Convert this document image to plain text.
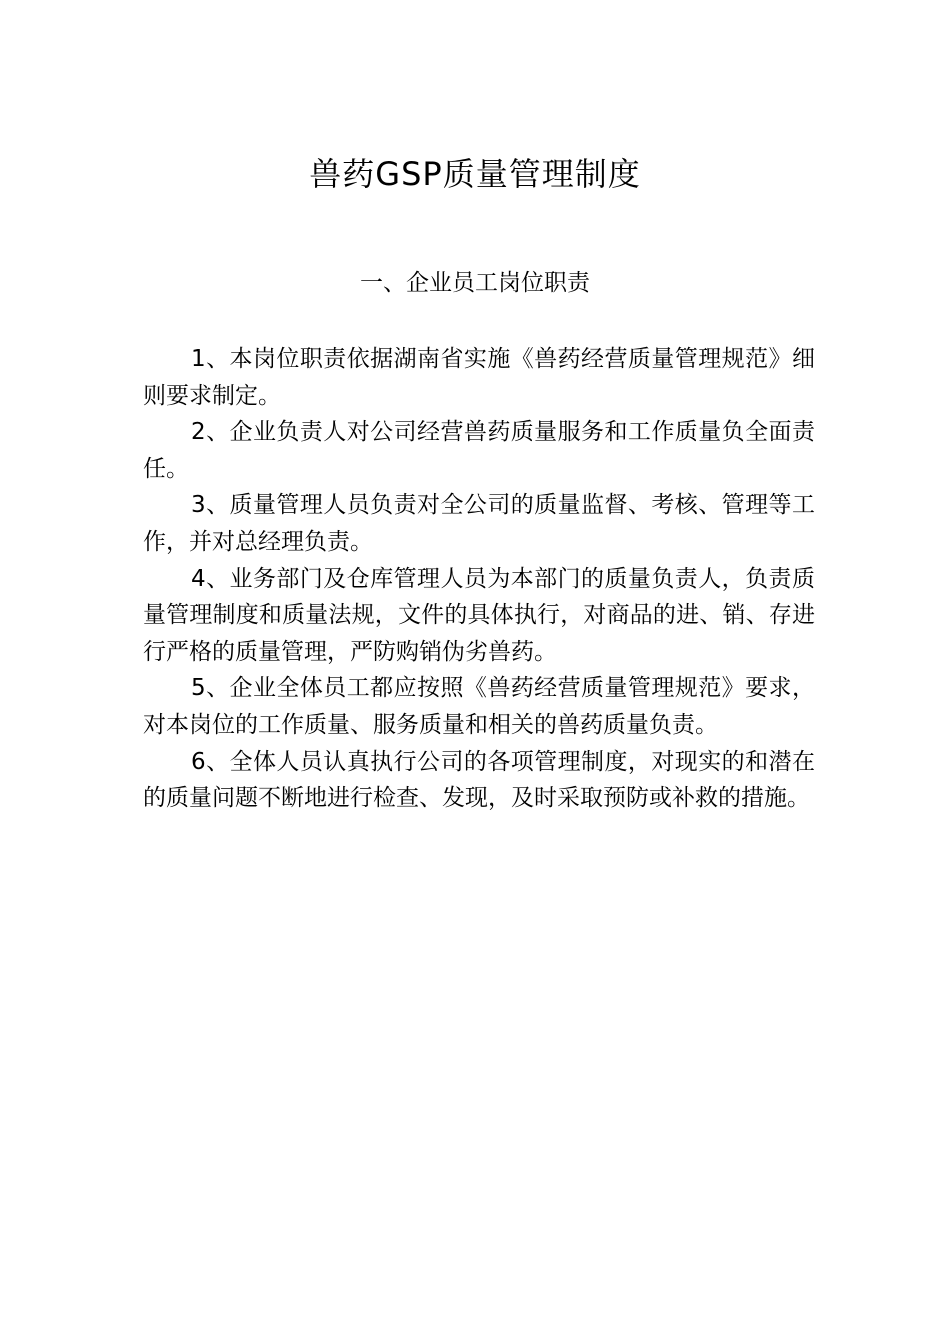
兽药GSP质量管理制度
一、企业员工岗位职责

1、本岗位职责依据湖南省实施《兽药经营质量管理规范》细则要求制定。

2、企业负责人对公司经营兽药质量服务和工作质量负全面责任。

3、质量管理人员负责对全公司的质量监督、考核、管理等工作，并对总经理负责。

4、业务部门及仓库管理人员为本部门的质量负责人，负责质量管理制度和质量法规，文件的具体执行，对商品的进、销、存进行严格的质量管理，严防购销伪劣兽药。

5、企业全体员工都应按照《兽药经营质量管理规范》要求，对本岗位的工作质量、服务质量和相关的兽药质量负责。

6、全体人员认真执行公司的各项管理制度，对现实的和潜在的质量问题不断地进行检查、发现，及时采取预防或补救的措施。
